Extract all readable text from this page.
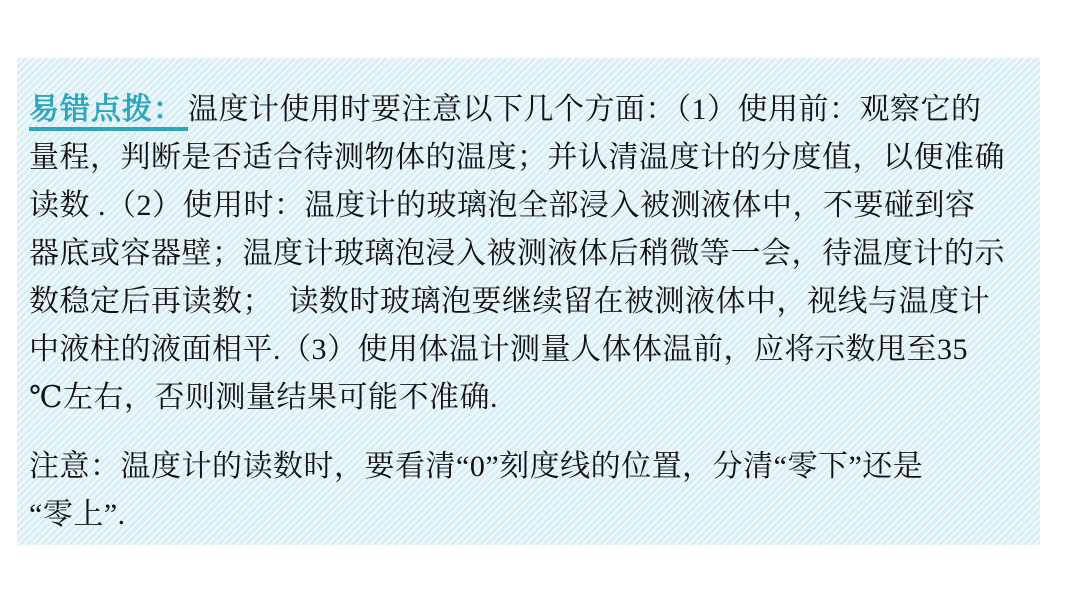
易错点拨： 温度计使用时要注意以下几个方面：（1）使用前：观察它的
量程，判断是否适合待测物体的温度；并认清温度计的分度值，以便准确
读数 .（2）使用时：温度计的玻璃泡全部浸入被测液体中，不要碰到容
器底或容器壁；温度计玻璃泡浸入被测液体后稍微等一会，待温度计的示
数稳定后再读数；　读数时玻璃泡要继续留在被测液体中，视线与温度计
中液柱的液面相平.（3）使用体温计测量人体体温前，应将示数甩至35
℃左右，否则测量结果可能不准确.
注意：温度计的读数时，要看清“0”刻度线的位置，分清“零下”还是
“零上”.
